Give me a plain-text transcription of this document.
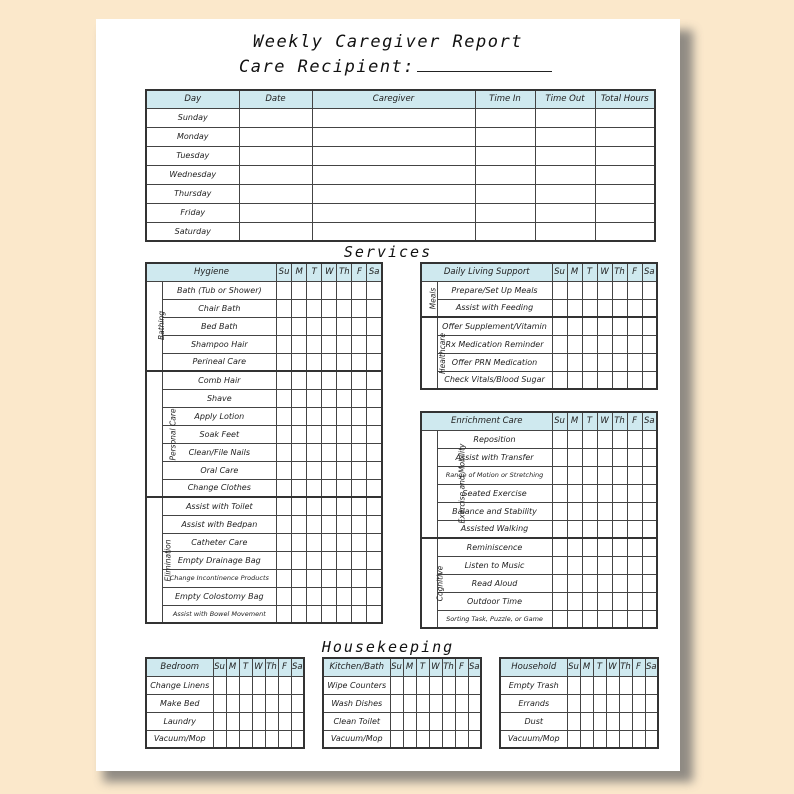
Weekly Caregiver Report
Care Recipient:
Day	Date	Caregiver	Time In	Time Out	Total Hours
Sunday					
Monday					
Tuesday					
Wednesday					
Thursday					
Friday					
Saturday					
Services
Hygiene		Su	M	T	W	Th	F	Sa
Bathing	Bath (Tub or Shower)							
	Chair Bath							
	Bed Bath							
	Shampoo Hair							
	Perineal Care							
Personal Care	Comb Hair							
	Shave							
	Apply Lotion							
	Soak Feet							
	Clean/File Nails							
	Oral Care							
	Change Clothes							
Elimination	Assist with Toilet							
	Assist with Bedpan							
	Catheter Care							
	Empty Drainage Bag							
	Change Incontinence Products							
	Empty Colostomy Bag							
	Assist with Bowel Movement							
Daily Living Support		Su	M	T	W	Th	F	Sa
Meals	Prepare/Set Up Meals							
	Assist with Feeding							
Healthcare	Offer Supplement/Vitamin							
	Rx Medication Reminder							
	Offer PRN Medication							
	Check Vitals/Blood Sugar							
Enrichment Care		Su	M	T	W	Th	F	Sa
Exercise and Mobility	Reposition							
	Assist with Transfer							
	Range of Motion or Stretching							
	Seated Exercise							
	Balance and Stability							
	Assisted Walking							
Cognitive	Reminiscence							
	Listen to Music							
	Read Aloud							
	Outdoor Time							
	Sorting Task, Puzzle, or Game							
Housekeeping
Bedroom	Su	M	T	W	Th	F	Sa
Change Linens							
Make Bed							
Laundry							
Vacuum/Mop							
Kitchen/Bath	Su	M	T	W	Th	F	Sa
Wipe Counters							
Wash Dishes							
Clean Toilet							
Vacuum/Mop							
Household	Su	M	T	W	Th	F	Sa
Empty Trash							
Errands							
Dust							
Vacuum/Mop							
